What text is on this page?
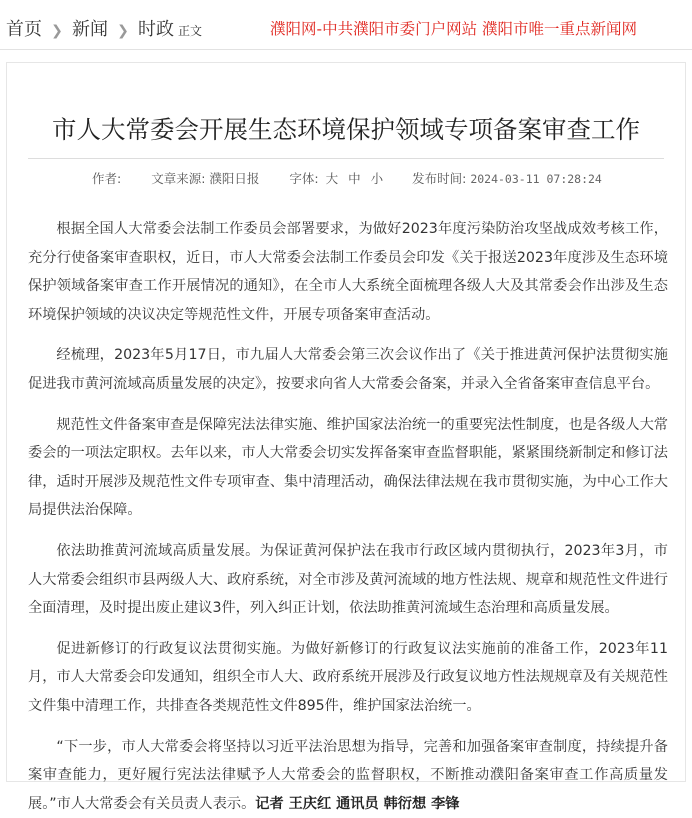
首页 ❯ 新闻 ❯ 时政 正文	濮阳网-中共濮阳市委门户网站 濮阳市唯一重点新闻网
市人大常委会开展生态环境保护领域专项备案审查工作
作者: 文章来源: 濮阳日报 字体: 大 中 小 发布时间: 2024-03-11 07:28:24

根据全国人大常委会法制工作委员会部署要求，为做好2023年度污染防治攻坚战成效考核工作，充分行使备案审查职权，近日，市人大常委会法制工作委员会印发《关于报送2023年度涉及生态环境保护领域备案审查工作开展情况的通知》，在全市人大系统全面梳理各级人大及其常委会作出涉及生态环境保护领域的决议决定等规范性文件，开展专项备案审查活动。

经梳理，2023年5月17日，市九届人大常委会第三次会议作出了《关于推进黄河保护法贯彻实施 促进我市黄河流域高质量发展的决定》，按要求向省人大常委会备案，并录入全省备案审查信息平台。

规范性文件备案审查是保障宪法法律实施、维护国家法治统一的重要宪法性制度，也是各级人大常委会的一项法定职权。去年以来，市人大常委会切实发挥备案审查监督职能，紧紧围绕新制定和修订法律，适时开展涉及规范性文件专项审查、集中清理活动，确保法律法规在我市贯彻实施，为中心工作大局提供法治保障。

依法助推黄河流域高质量发展。为保证黄河保护法在我市行政区域内贯彻执行，2023年3月，市人大常委会组织市县两级人大、政府系统，对全市涉及黄河流域的地方性法规、规章和规范性文件进行全面清理，及时提出废止建议3件，列入纠正计划，依法助推黄河流域生态治理和高质量发展。

促进新修订的行政复议法贯彻实施。为做好新修订的行政复议法实施前的准备工作，2023年11月，市人大常委会印发通知，组织全市人大、政府系统开展涉及行政复议地方性法规规章及有关规范性文件集中清理工作，共排查各类规范性文件895件，维护国家法治统一。

“下一步，市人大常委会将坚持以习近平法治思想为指导，完善和加强备案审查制度，持续提升备案审查能力，更好履行宪法法律赋予人大常委会的监督职权，不断推动濮阳备案审查工作高质量发展。”市人大常委会有关员责人表示。记者 王庆红 通讯员 韩衍想 李锋
